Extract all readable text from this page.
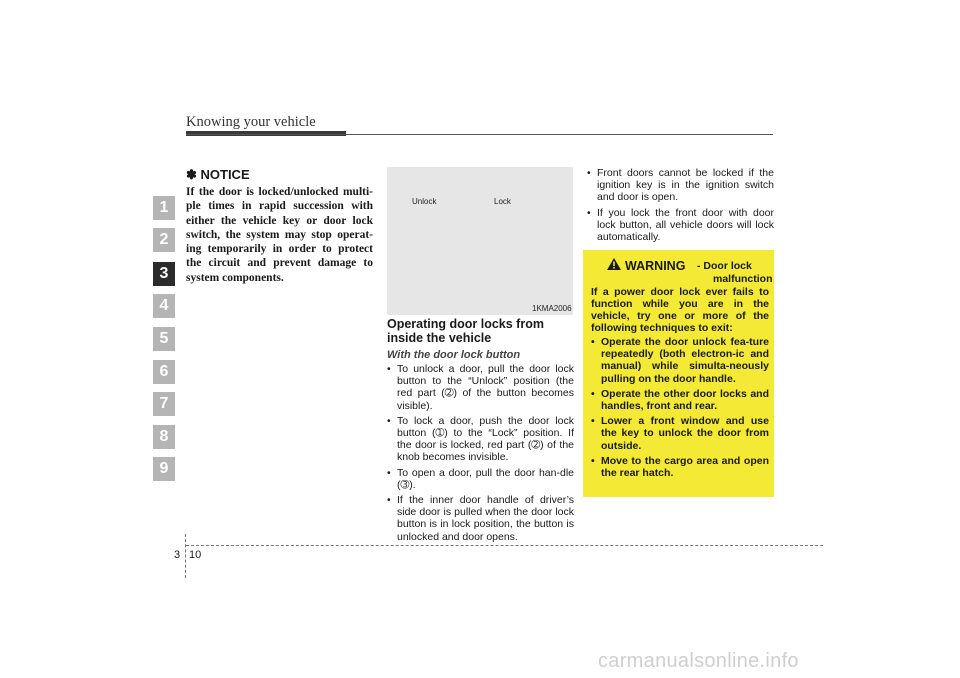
Knowing your vehicle
1
2
3
4
5
6
7
8
9
✽ NOTICE
If the door is locked/unlocked multi-ple times in rapid succession with either the vehicle key or door lock switch, the system may stop operat-ing temporarily in order to protect the circuit and prevent damage to system components.
Unlock	Lock
1KMA2006
Operating door locks from inside the vehicle
With the door lock button
• To unlock a door, pull the door lock button to the “Unlock” position (the red part (➁) of the button becomes visible).
• To lock a door, push the door lock button (➀) to the “Lock” position. If the door is locked, red part (➁) of the knob becomes invisible.
• To open a door, pull the door han-dle (➂).
• If the inner door handle of driver’s side door is pulled when the door lock button is in lock position, the button is unlocked and door opens.
• Front doors cannot be locked if the ignition key is in the ignition switch and door is open.
• If you lock the front door with door lock button, all vehicle doors will lock automatically.
WARNING - Door lock
malfunction
If a power door lock ever fails to function while you are in the vehicle, try one or more of the following techniques to exit:
• Operate the door unlock fea-ture repeatedly (both electron-ic and manual) while simulta-neously pulling on the door handle.
• Operate the other door locks and handles, front and rear.
• Lower a front window and use the key to unlock the door from outside.
• Move to the cargo area and open the rear hatch.
3 10
carmanualsonline.info
